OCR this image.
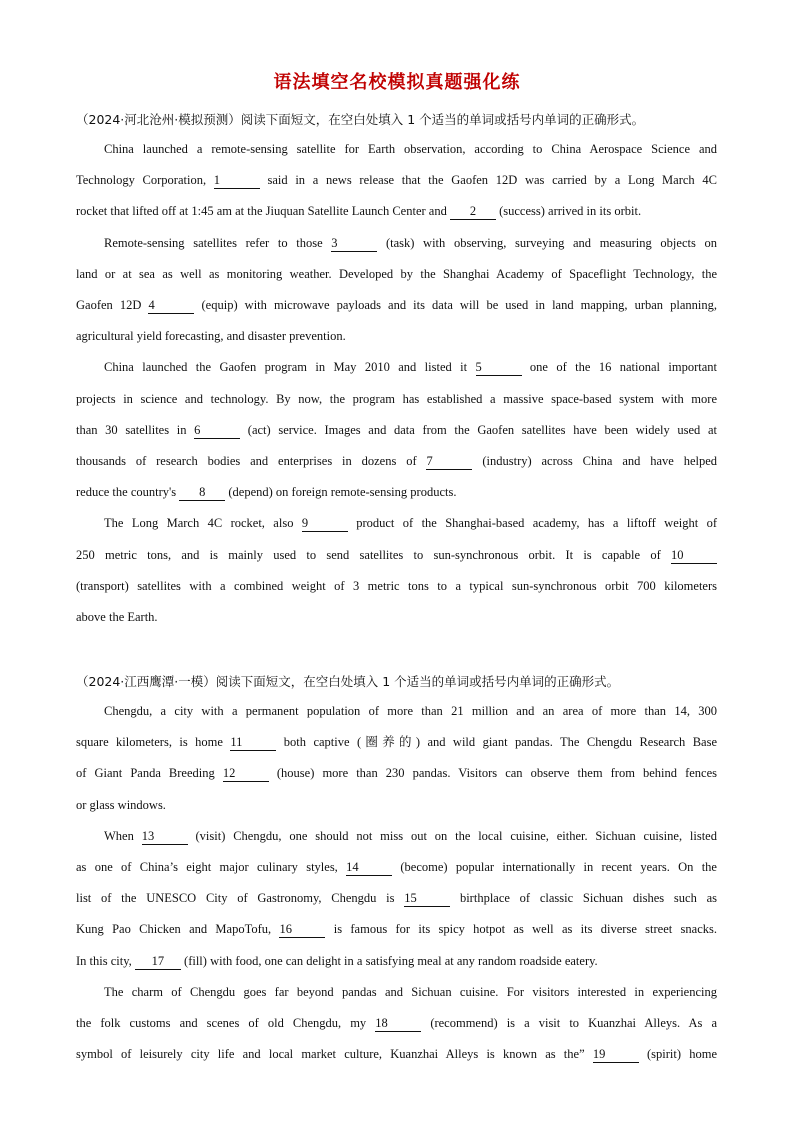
语法填空名校模拟真题强化练
（2024·河北沧州·模拟预测）阅读下面短文，在空白处填入 1 个适当的单词或括号内单词的正确形式。
China launched a remote-sensing satellite for Earth observation, according to China Aerospace Science and
Technology Corporation, 1	said in a news release that the Gaofen 12D was carried by a Long March 4C
rocket that lifted off at 1:45 am at the Jiuquan Satellite Launch Center and 2 (success) arrived in its orbit.
Remote-sensing satellites refer to those 3	(task) with observing, surveying and measuring objects on
land or at sea as well as monitoring weather. Developed by the Shanghai Academy of Spaceflight Technology, the
Gaofen 12D 4	(equip) with microwave payloads and its data will be used in land mapping, urban planning,
agricultural yield forecasting, and disaster prevention.
China launched the Gaofen program in May 2010 and listed it 5	one of the 16 national important
projects in science and technology. By now, the program has established a massive space-based system with more
than 30 satellites in 6	(act) service. Images and data from the Gaofen satellites have been widely used at
thousands of research bodies and enterprises in dozens of 7	(industry) across China and have helped
reduce the country's 8 (depend) on foreign remote-sensing products.
The Long March 4C rocket, also 9	product of the Shanghai-based academy, has a liftoff weight of
250 metric tons, and is mainly used to send satellites to sun-synchronous orbit. It is capable of 10
(transport) satellites with a combined weight of 3 metric tons to a typical sun-synchronous orbit 700 kilometers
above the Earth.
（2024·江西鹰潭·一模）阅读下面短文，在空白处填入 1 个适当的单词或括号内单词的正确形式。
Chengdu, a city with a permanent population of more than 21 million and an area of more than 14, 300
square kilometers, is home 11	both captive (圈养的) and wild giant pandas. The Chengdu Research Base
of Giant Panda Breeding 12	(house) more than 230 pandas. Visitors can observe them from behind fences
or glass windows.
When 13	(visit) Chengdu, one should not miss out on the local cuisine, either. Sichuan cuisine, listed
as one of China’s eight major culinary styles, 14	(become) popular internationally in recent years. On the
list of the UNESCO City of Gastronomy, Chengdu is 15	birthplace of classic Sichuan dishes such as
Kung Pao Chicken and MapoTofu, 16	is famous for its spicy hotpot as well as its diverse street snacks.
In this city, 17 (fill) with food, one can delight in a satisfying meal at any random roadside eatery.
The charm of Chengdu goes far beyond pandas and Sichuan cuisine. For visitors interested in experiencing
the folk customs and scenes of old Chengdu, my 18	(recommend) is a visit to Kuanzhai Alleys. As a
symbol of leisurely city life and local market culture, Kuanzhai Alleys is known as the” 19	(spirit) home
